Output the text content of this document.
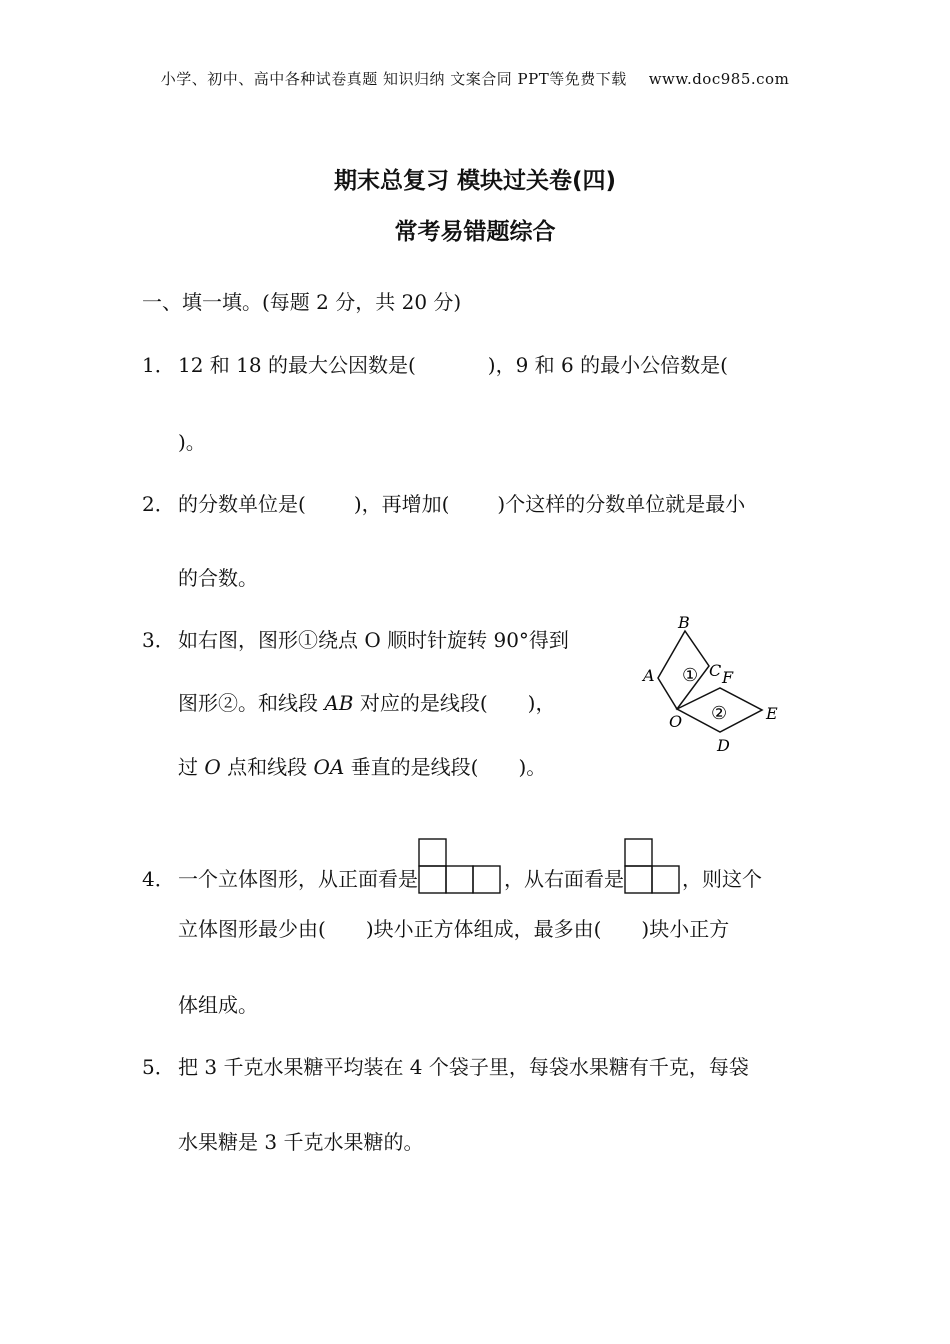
小学、初中、高中各种试卷真题 知识归纳 文案合同 PPT等免费下载 www.doc985.com
期末总复习 模块过关卷(四)
常考易错题综合
一、填一填。(每题 2 分，共 20 分)
1． 12 和 18 的最大公因数是(	)，9 和 6 的最小公倍数是(
)。
2． 的分数单位是( )，再增加( )个这样的分数单位就是最小
的合数。
3． 如右图，图形①绕点 O 顺时针旋转 90°得到
图形②。和线段 AB 对应的是线段( )，
过 O 点和线段 OA 垂直的是线段( )。
①
②
B
A	C F
O	E
D
4． 一个立体图形，从正面看是	，从右面看是	，则这个
立体图形最少由( )块小正方体组成，最多由( )块小正方
体组成。
5． 把 3 千克水果糖平均装在 4 个袋子里，每袋水果糖有千克，每袋
水果糖是 3 千克水果糖的。
